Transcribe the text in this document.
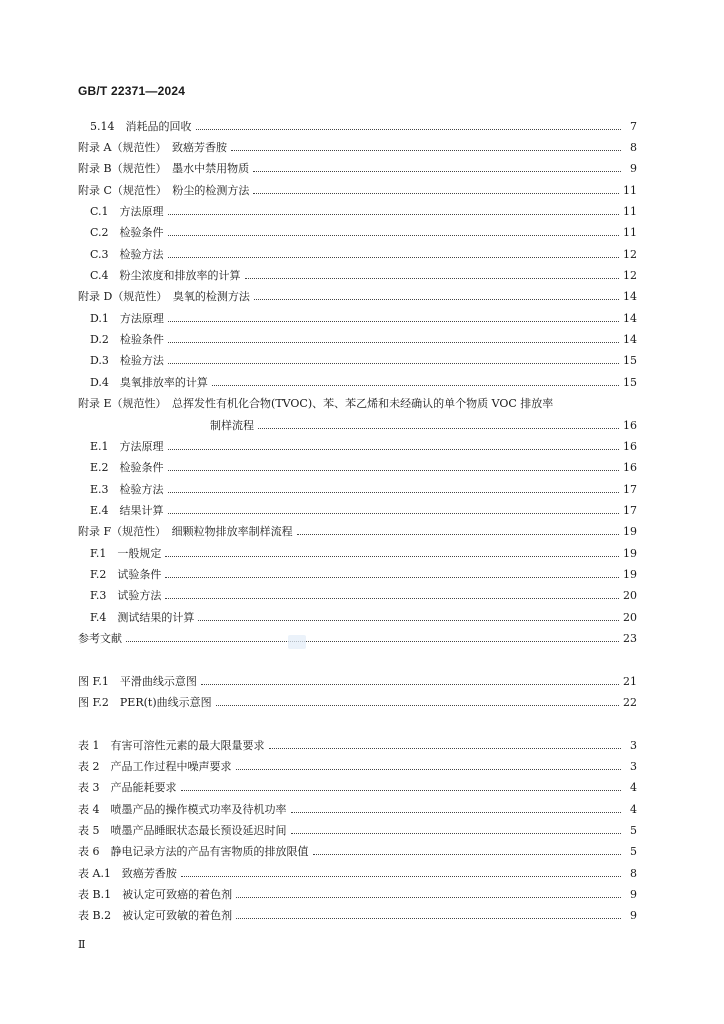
GB/T 22371—2024
5.14　消耗品的回收	7
附录 A（规范性）　致癌芳香胺	8
附录 B（规范性）　墨水中禁用物质	9
附录 C（规范性）　粉尘的检测方法	11
C.1　方法原理	11
C.2　检验条件	11
C.3　检验方法	12
C.4　粉尘浓度和排放率的计算	12
附录 D（规范性）　臭氧的检测方法	14
D.1　方法原理	14
D.2　检验条件	14
D.3　检验方法	15
D.4　臭氧排放率的计算	15
附录 E（规范性）　总挥发性有机化合物(TVOC)、苯、苯乙烯和未经确认的单个物质 VOC 排放率
制样流程	16
E.1　方法原理	16
E.2　检验条件	16
E.3　检验方法	17
E.4　结果计算	17
附录 F（规范性）　细颗粒物排放率制样流程	19
F.1　一般规定	19
F.2　试验条件	19
F.3　试验方法	20
F.4　测试结果的计算	20
参考文献	23
图 F.1　平滑曲线示意图	21
图 F.2　PER(t)曲线示意图	22
表 1　有害可溶性元素的最大限量要求	3
表 2　产品工作过程中噪声要求	3
表 3　产品能耗要求	4
表 4　喷墨产品的操作模式功率及待机功率	4
表 5　喷墨产品睡眠状态最长预设延迟时间	5
表 6　静电记录方法的产品有害物质的排放限值	5
表 A.1　致癌芳香胺	8
表 B.1　被认定可致癌的着色剂	9
表 B.2　被认定可致敏的着色剂	9
Ⅱ
